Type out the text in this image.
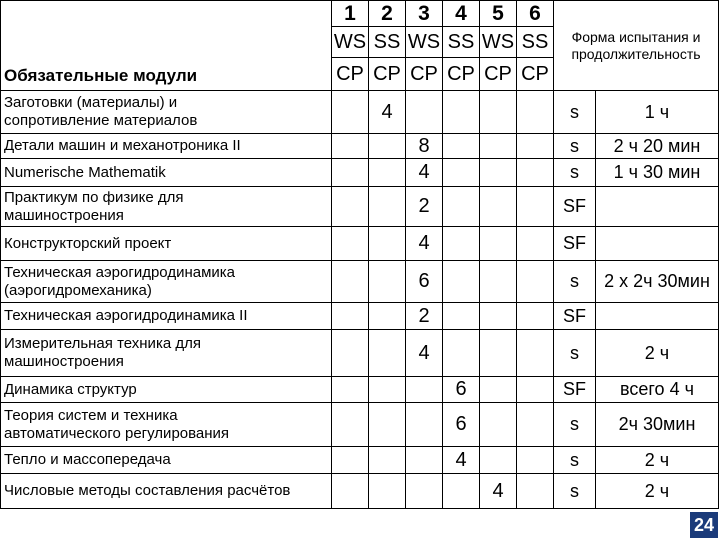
	1	2	3	4	5	6	Форма испытания и
продолжительность	

	WS	SS	WS	SS	WS	SS		
Обязательные модули	CP	CP	CP	CP	CP	CP		

Заготовки (материалы) и
сопротивление материалов		4					s	1 ч

Детали машин и механотроника II			8				s	2 ч 20 мин

Numerische Mathematik			4				s	1 ч 30 мин

Практикум по физике для
машиностроения			2				SF	

Конструкторский проект			4				SF	

Техническая аэрогидродинамика
(аэрогидромеханика)			6				s	2 x 2ч 30мин

Техническая аэрогидродинамика II			2				SF	

Измерительная техника для
машиностроения			4				s	2 ч

Динамика структур				6			SF	всего 4 ч

Теория систем и техника
автоматического регулирования				6			s	2ч 30мин

Тепло и массопередача				4			s	2 ч

Числовые методы составления расчётов					4		s	2 ч
24
